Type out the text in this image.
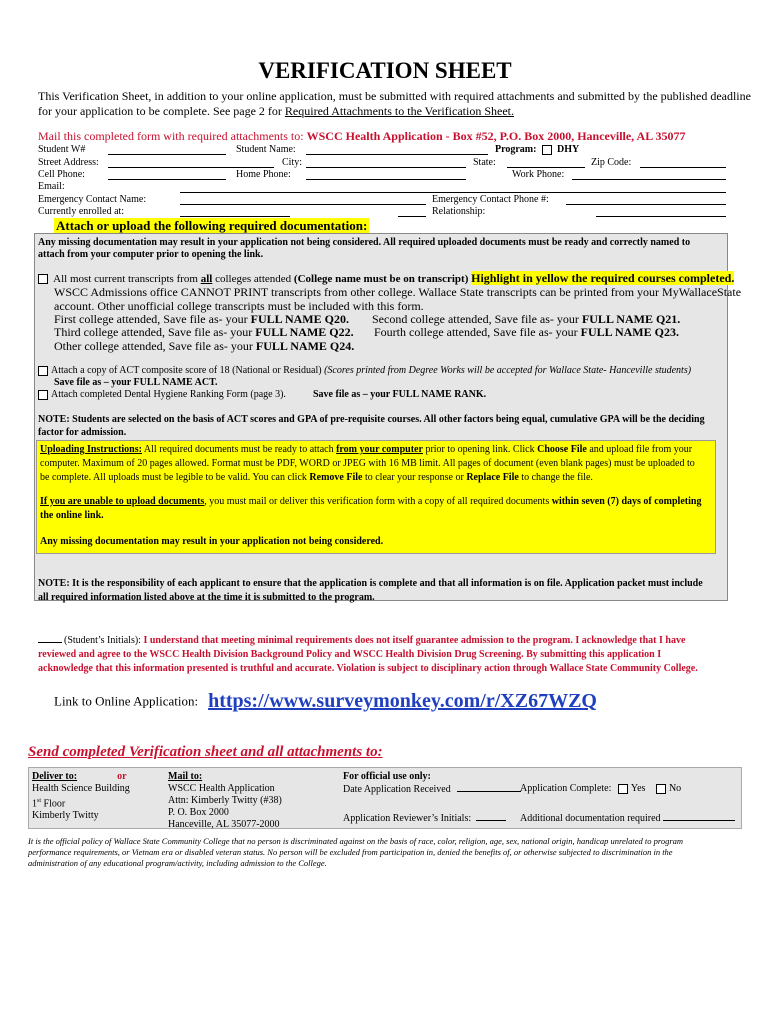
VERIFICATION SHEET
This Verification Sheet, in addition to your online application, must be submitted with required attachments and submitted by the published deadline
for your application to be complete. See page 2 for Required Attachments to the Verification Sheet.
Mail this completed form with required attachments to: WSCC Health Application - Box #52, P.O. Box 2000, Hanceville, AL 35077
Student W#	Student Name:	Program: DHY
Street Address:	City:	State:	Zip Code:
Cell Phone:	Home Phone:	Work Phone:
Email:
Emergency Contact Name:	Emergency Contact Phone #:
Currently enrolled at:	Relationship:
Attach or upload the following required documentation:
Any missing documentation may result in your application not being considered. All required uploaded documents must be ready and correctly named to
attach from your computer prior to opening the link.
All most current transcripts from all colleges attended (College name must be on transcript) Highlight in yellow the required courses completed.
WSCC Admissions office CANNOT PRINT transcripts from other college. Wallace State transcripts can be printed from your MyWallaceState
account. Other unofficial college transcripts must be included with this form.
First college attended, Save file as- your FULL NAME Q20. Second college attended, Save file as- your FULL NAME Q21.
Third college attended, Save file as- your FULL NAME Q22. Fourth college attended, Save file as- your FULL NAME Q23.
Other college attended, Save file as- your FULL NAME Q24.
Attach a copy of ACT composite score of 18 (National or Residual) (Scores printed from Degree Works will be accepted for Wallace State- Hanceville students)
Save file as – your FULL NAME ACT.
Attach completed Dental Hygiene Ranking Form (page 3).	Save file as – your FULL NAME RANK.
NOTE: Students are selected on the basis of ACT scores and GPA of pre-requisite courses. All other factors being equal, cumulative GPA will be the deciding
factor for admission.
Uploading Instructions: All required documents must be ready to attach from your computer prior to opening link. Click Choose File and upload file from your
computer. Maximum of 20 pages allowed. Format must be PDF, WORD or JPEG with 16 MB limit. All pages of document (even blank pages) must be uploaded to
be complete. All uploads must be legible to be valid. You can click Remove File to clear your response or Replace File to change the file.
If you are unable to upload documents, you must mail or deliver this verification form with a copy of all required documents within seven (7) days of completing
the online link.
Any missing documentation may result in your application not being considered.
NOTE: It is the responsibility of each applicant to ensure that the application is complete and that all information is on file. Application packet must include
all required information listed above at the time it is submitted to the program.
(Student’s Initials): I understand that meeting minimal requirements does not itself guarantee admission to the program. I acknowledge that I have
reviewed and agree to the WSCC Health Division Background Policy and WSCC Health Division Drug Screening. By submitting this application I
acknowledge that this information presented is truthful and accurate. Violation is subject to disciplinary action through Wallace State Community College.
Link to Online Application: https://www.surveymonkey.com/r/XZ67WZQ
Send completed Verification sheet and all attachments to:
Deliver to:	or
Health Science Building
1st Floor
Kimberly Twitty
Mail to:
WSCC Health Application
Attn: Kimberly Twitty (#38)
P. O. Box 2000
Hanceville, AL 35077-2000
For official use only:
Date Application Received	Application Complete: Yes No
Application Reviewer’s Initials:	Additional documentation required
It is the official policy of Wallace State Community College that no person is discriminated against on the basis of race, color, religion, age, sex, national origin, handicap unrelated to program
performance requirements, or Vietnam era or disabled veteran status. No person will be excluded from participation in, denied the benefits of, or otherwise subjected to discrimination in the
administration of any educational program/activity, including admission to the College.
